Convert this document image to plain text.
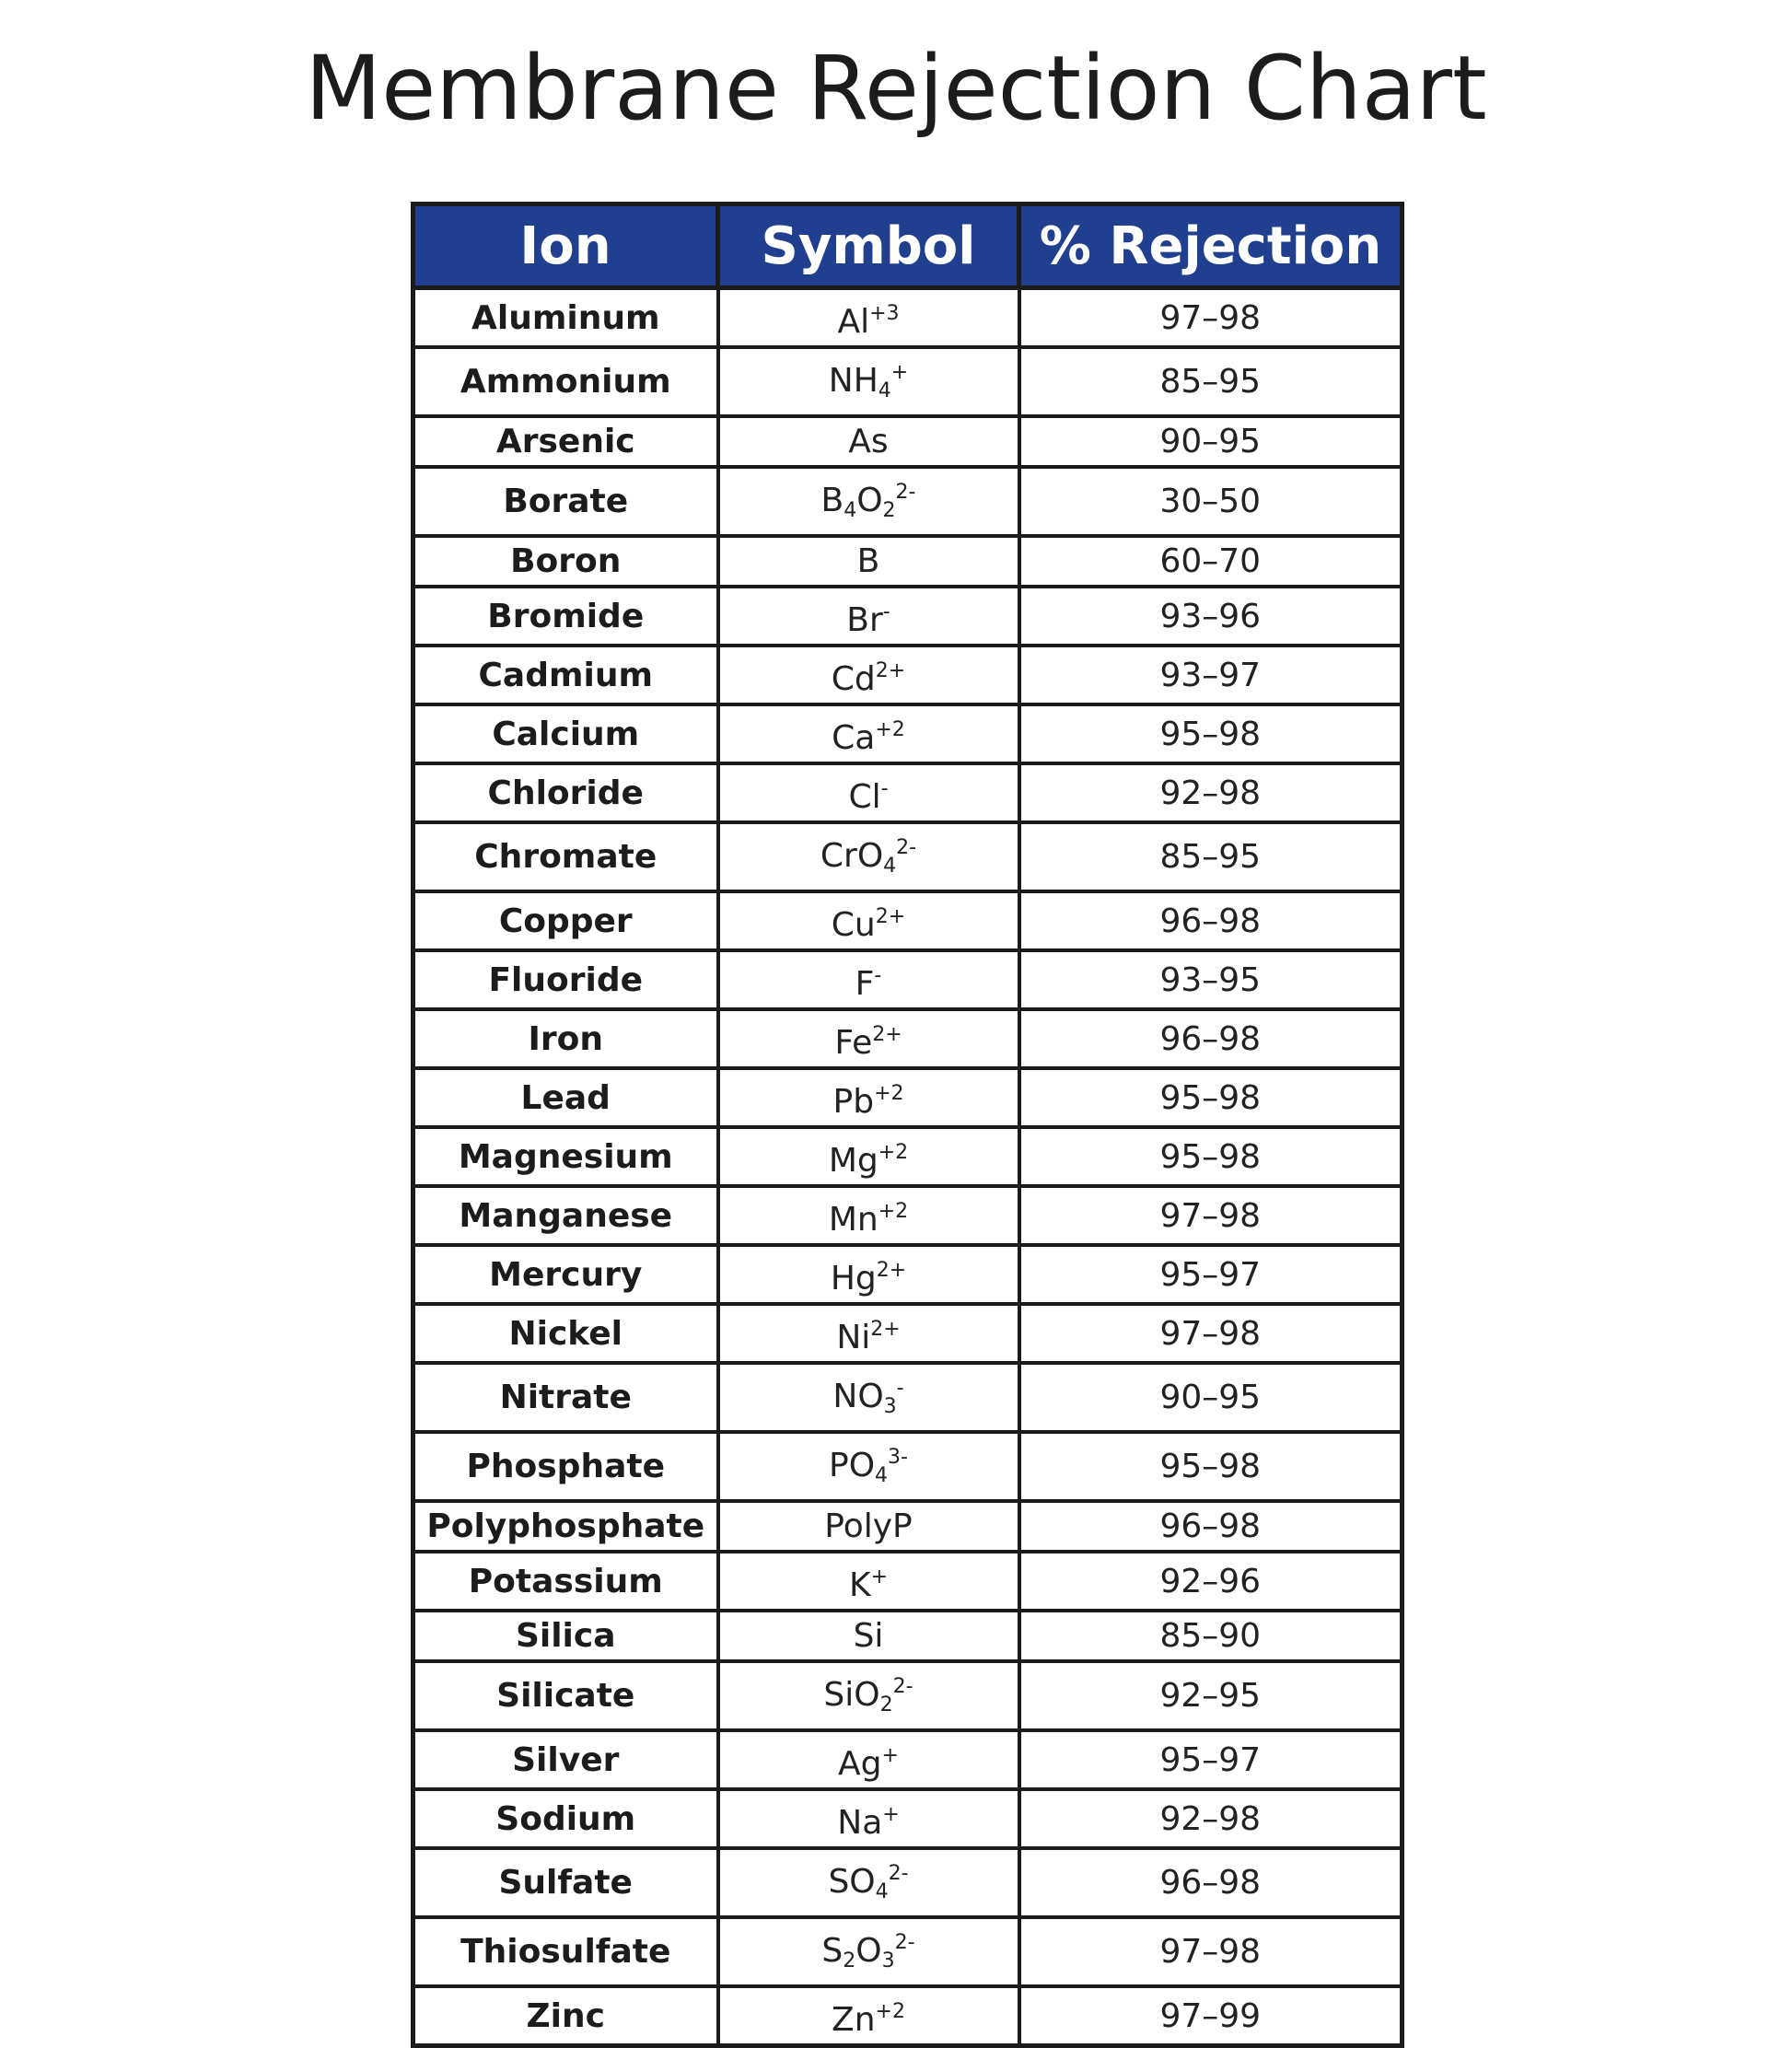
Membrane Rejection Chart
Ion	Symbol	% Rejection
Aluminum	$Al^{+3}$	97–98
Ammonium	$NH_4^+$	85–95
Arsenic	As	90–95
Borate	$B_4O_2^{2-}$	30–50
Boron	B	60–70
Bromide	Br-	93–96
Cadmium	$Cd^{2+}$	93–97
Calcium	$Ca^{+2}$	95–98
Chloride	Cl-	92–98
Chromate	CrO$_4^{2-}$	85–95
Copper	$Cu^{2+}$	96–98
Fluoride	F-	93–95
Iron	$Fe^{2+}$	96–98
Lead	$Pb^{+2}$	95–98
Magnesium	$Mg^{+2}$	95–98
Manganese	$Mn^{+2}$	97–98
Mercury	$Hg^{2+}$	95–97
Nickel	$Ni^{2+}$	97–98
Nitrate	$NO_3^-$	90–95
Phosphate	$PO_4^{3-}$	95–98
Polyphosphate	PolyP	96–98
Potassium	K+	92–96
Silica	Si	85–90
Silicate	SiO$_2^{2-}$	92–95
Silver	Ag+	95–97
Sodium	Na+	92–98
Sulfate	$SO_4^{2-}$	96–98
Thiosulfate	$S_2O_3^{2-}$	97–98
Zinc	$Zn^{+2}$	97–99
